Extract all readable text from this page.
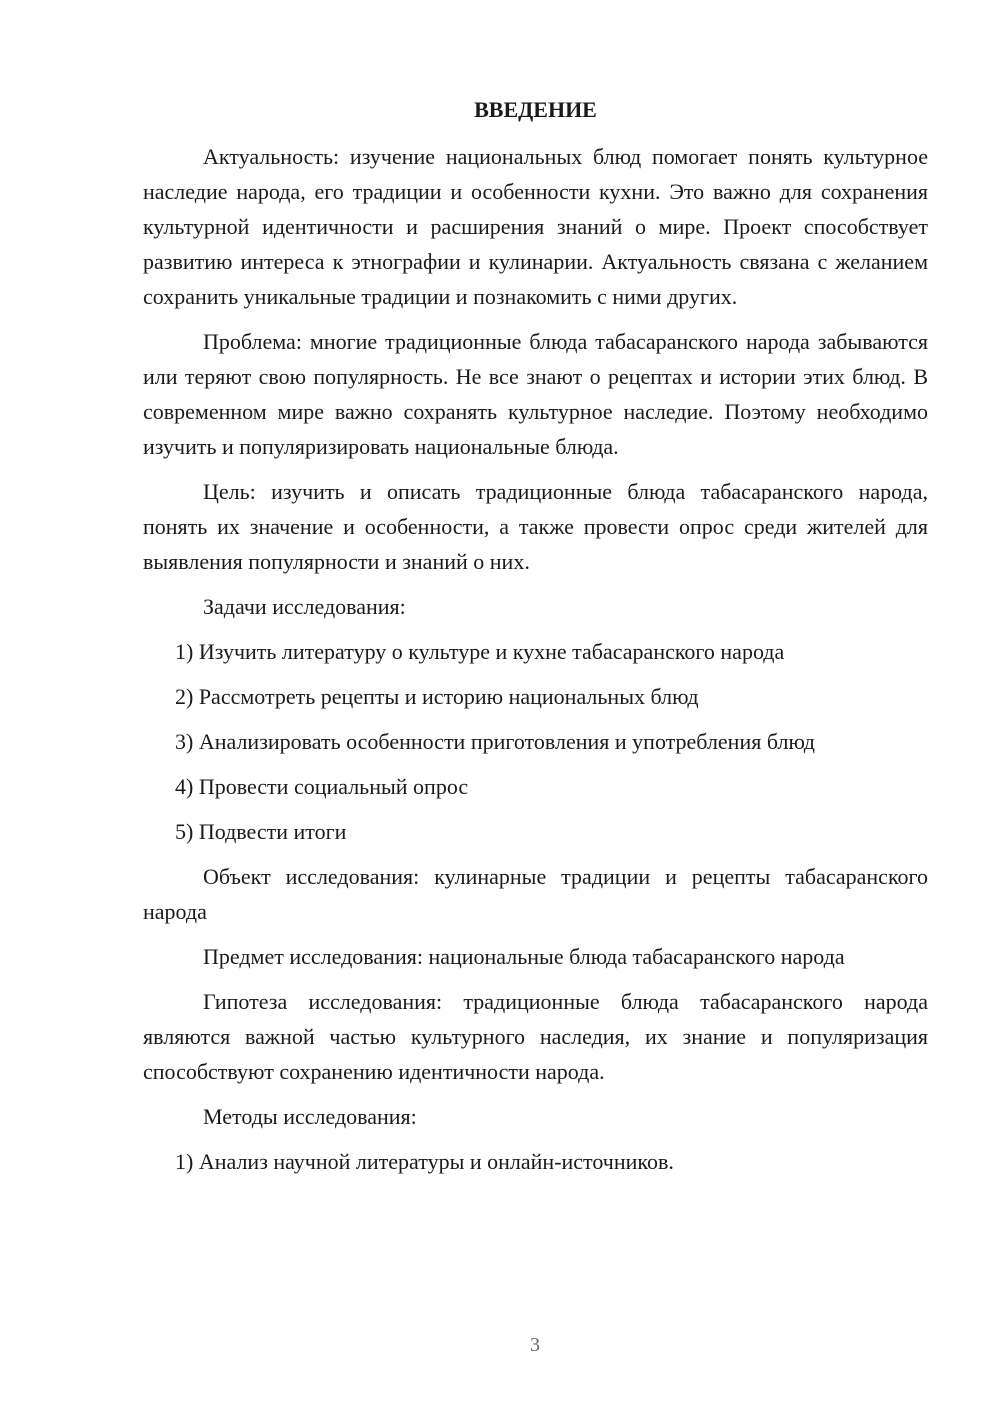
ВВЕДЕНИЕ

Актуальность: изучение национальных блюд помогает понять культурное наследие народа, его традиции и особенности кухни. Это важно для сохранения культурной идентичности и расширения знаний о мире. Проект способствует развитию интереса к этнографии и кулинарии. Актуальность связана с желанием сохранить уникальные традиции и познакомить с ними других.

Проблема: многие традиционные блюда табасаранского народа забываются или теряют свою популярность. Не все знают о рецептах и истории этих блюд. В современном мире важно сохранять культурное наследие. Поэтому необходимо изучить и популяризировать национальные блюда.

Цель: изучить и описать традиционные блюда табасаранского народа, понять их значение и особенности, а также провести опрос среди жителей для выявления популярности и знаний о них.

Задачи исследования:

1) Изучить литературу о культуре и кухне табасаранского народа
2) Рассмотреть рецепты и историю национальных блюд
3) Анализировать особенности приготовления и употребления блюд
4) Провести социальный опрос
5) Подвести итоги

Объект исследования: кулинарные традиции и рецепты табасаранского народа

Предмет исследования: национальные блюда табасаранского народа

Гипотеза исследования: традиционные блюда табасаранского народа являются важной частью культурного наследия, их знание и популяризация способствуют сохранению идентичности народа.

Методы исследования:

1) Анализ научной литературы и онлайн-источников.
3
